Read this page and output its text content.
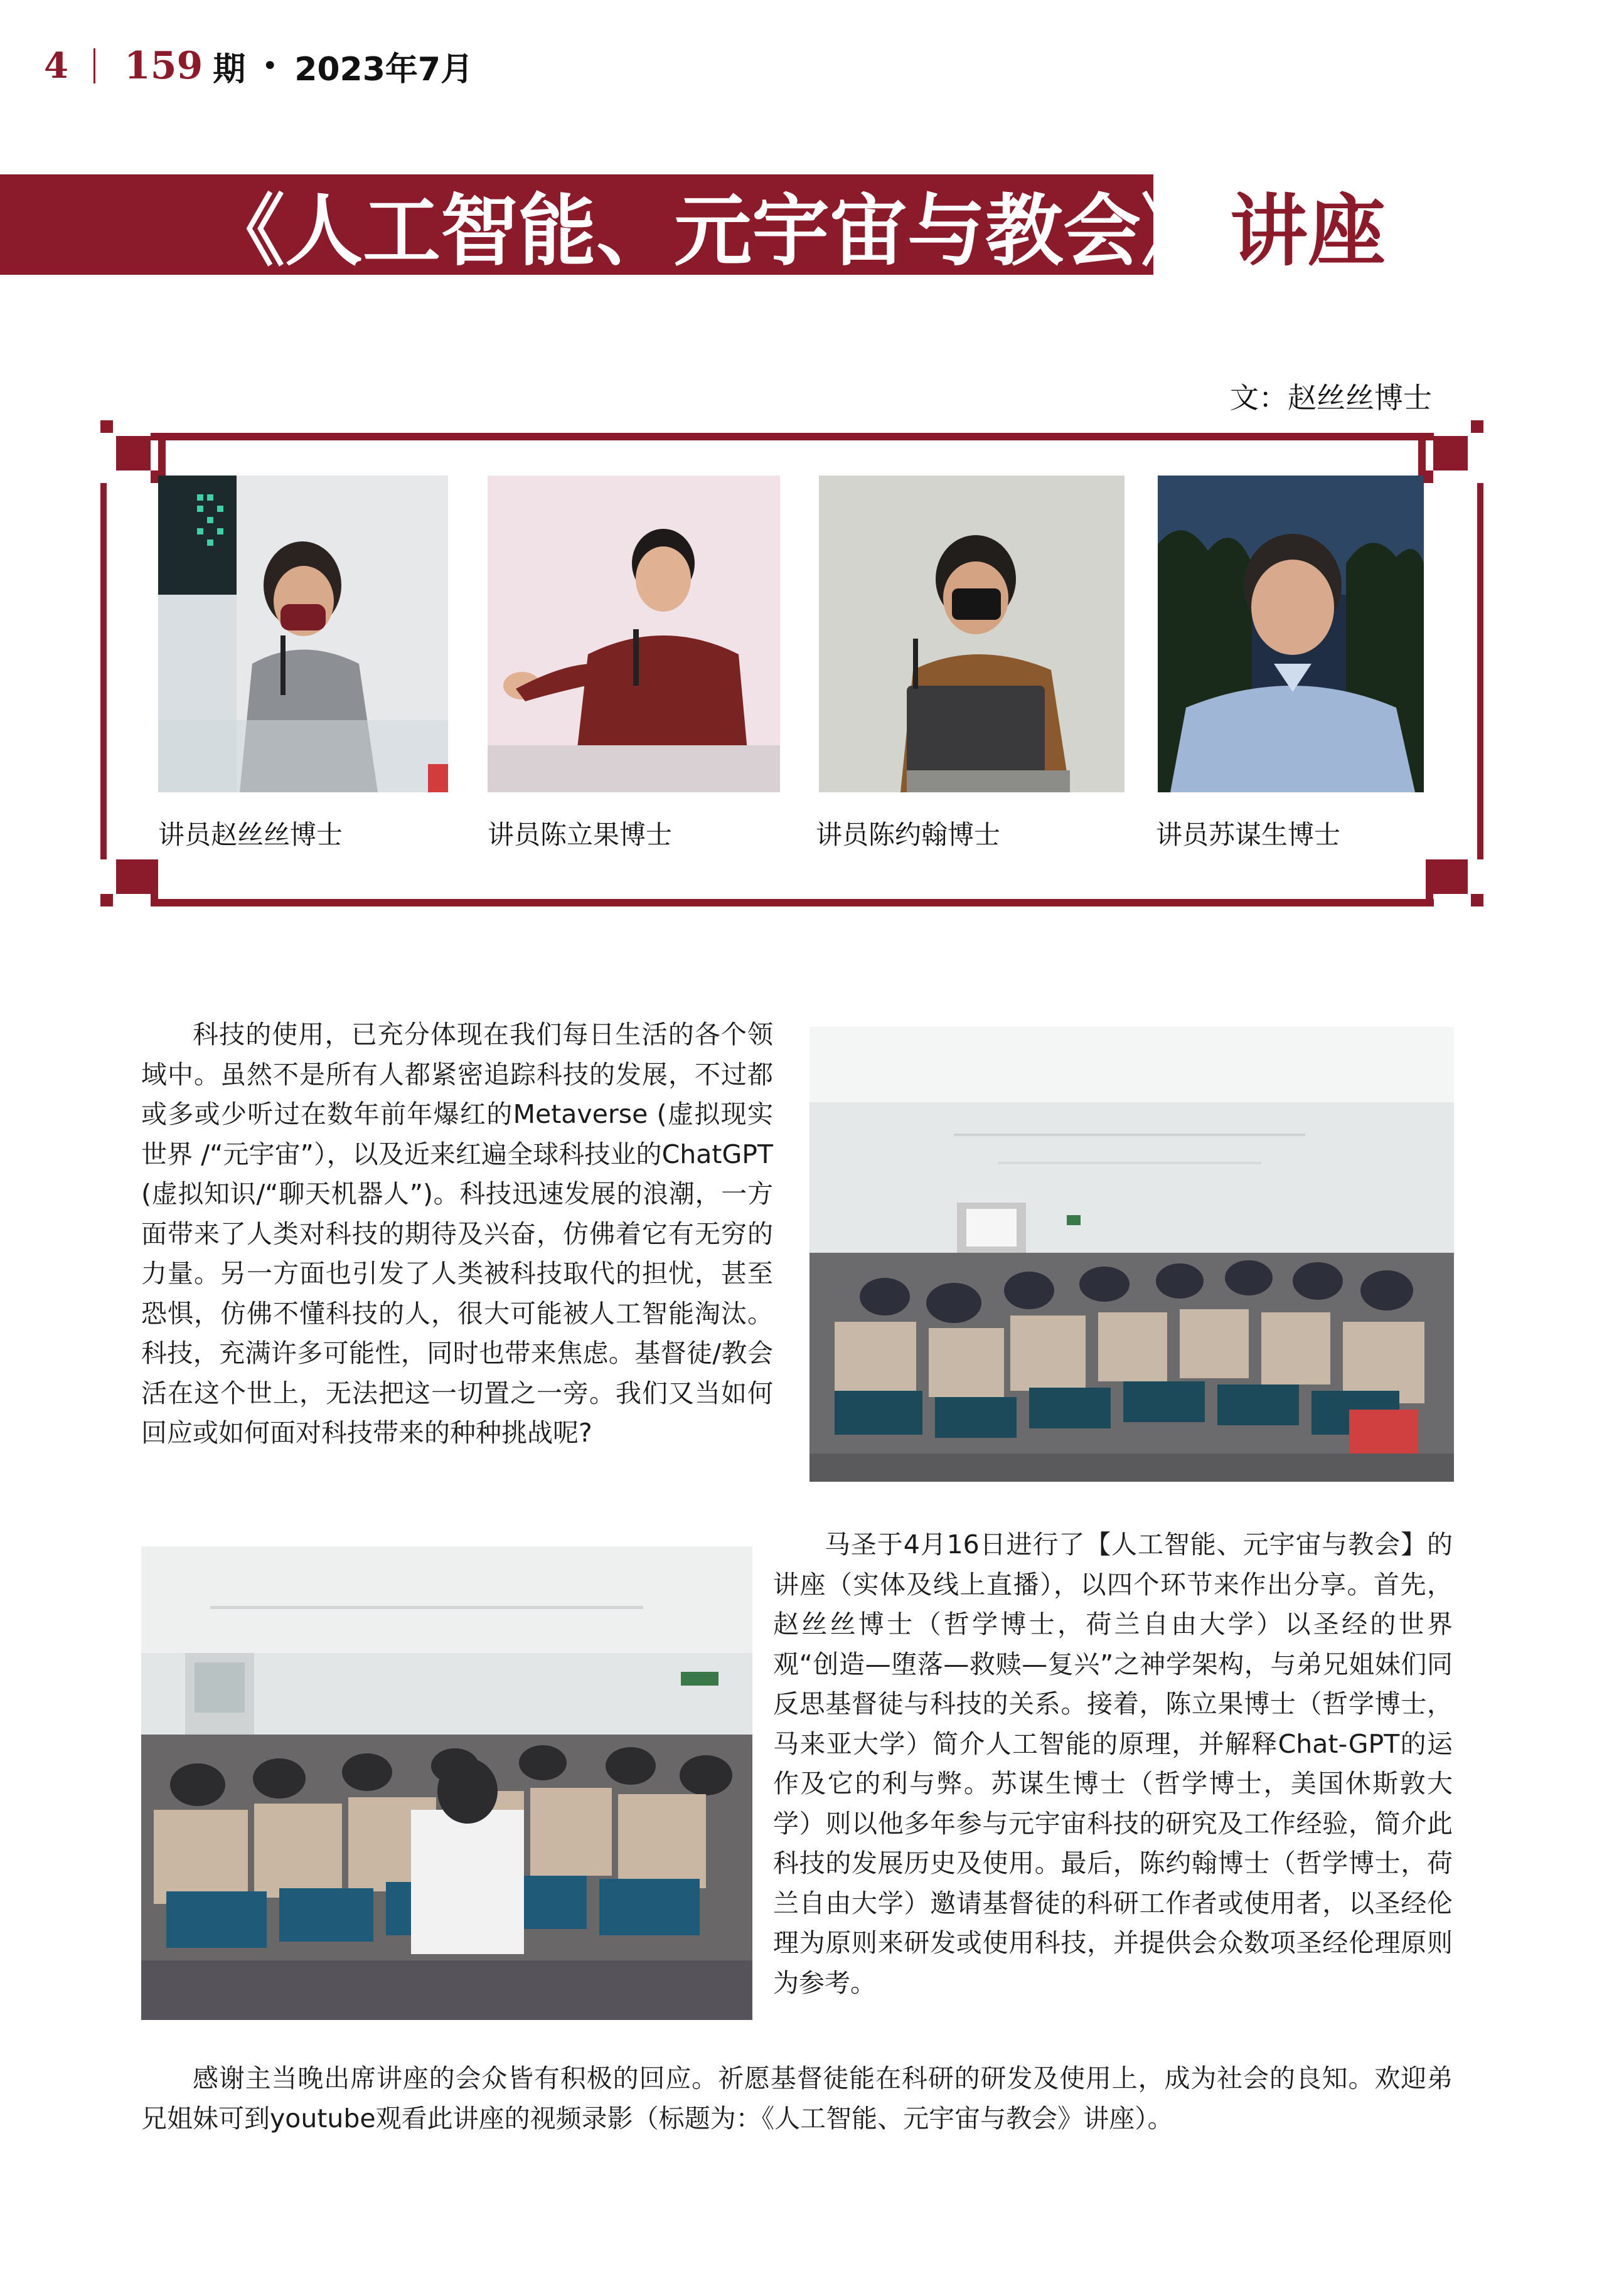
4 159 期 • 2023年7月
《人工智能、元宇宙与教会》 讲座
文：赵丝丝博士
讲员赵丝丝博士	讲员陈立果博士	讲员陈约翰博士	讲员苏谋生博士

科技的使用，已充分体现在我们每日生活的各个领域中。虽然不是所有人都紧密追踪科技的发展，不过都或多或少听过在数年前年爆红的Metaverse (虚拟现实世界 /“元宇宙”），以及近来红遍全球科技业的ChatGPT (虚拟知识/“聊天机器人”)。科技迅速发展的浪潮，一方面带来了人类对科技的期待及兴奋，仿佛着它有无穷的力量。另一方面也引发了人类被科技取代的担忧，甚至恐惧，仿佛不懂科技的人，很大可能被人工智能淘汰。科技，充满许多可能性，同时也带来焦虑。基督徒/教会活在这个世上，无法把这一切置之一旁。我们又当如何回应或如何面对科技带来的种种挑战呢?

马圣于4月16日进行了【人工智能、元宇宙与教会】的讲座（实体及线上直播），以四个环节来作出分享。首先，赵丝丝博士（哲学博士，荷兰自由大学）以圣经的世界观“创造—堕落—救赎—复兴”之神学架构，与弟兄姐妹们同反思基督徒与科技的关系。接着，陈立果博士（哲学博士，马来亚大学）简介人工智能的原理，并解释Chat-GPT的运作及它的利与弊。苏谋生博士（哲学博士，美国休斯敦大学）则以他多年参与元宇宙科技的研究及工作经验，简介此科技的发展历史及使用。最后，陈约翰博士（哲学博士，荷兰自由大学）邀请基督徒的科研工作者或使用者，以圣经伦理为原则来研发或使用科技，并提供会众数项圣经伦理原则为参考。

感谢主当晚出席讲座的会众皆有积极的回应。祈愿基督徒能在科研的研发及使用上，成为社会的良知。欢迎弟兄姐妹可到youtube观看此讲座的视频录影（标题为：《人工智能、元宇宙与教会》讲座）。
